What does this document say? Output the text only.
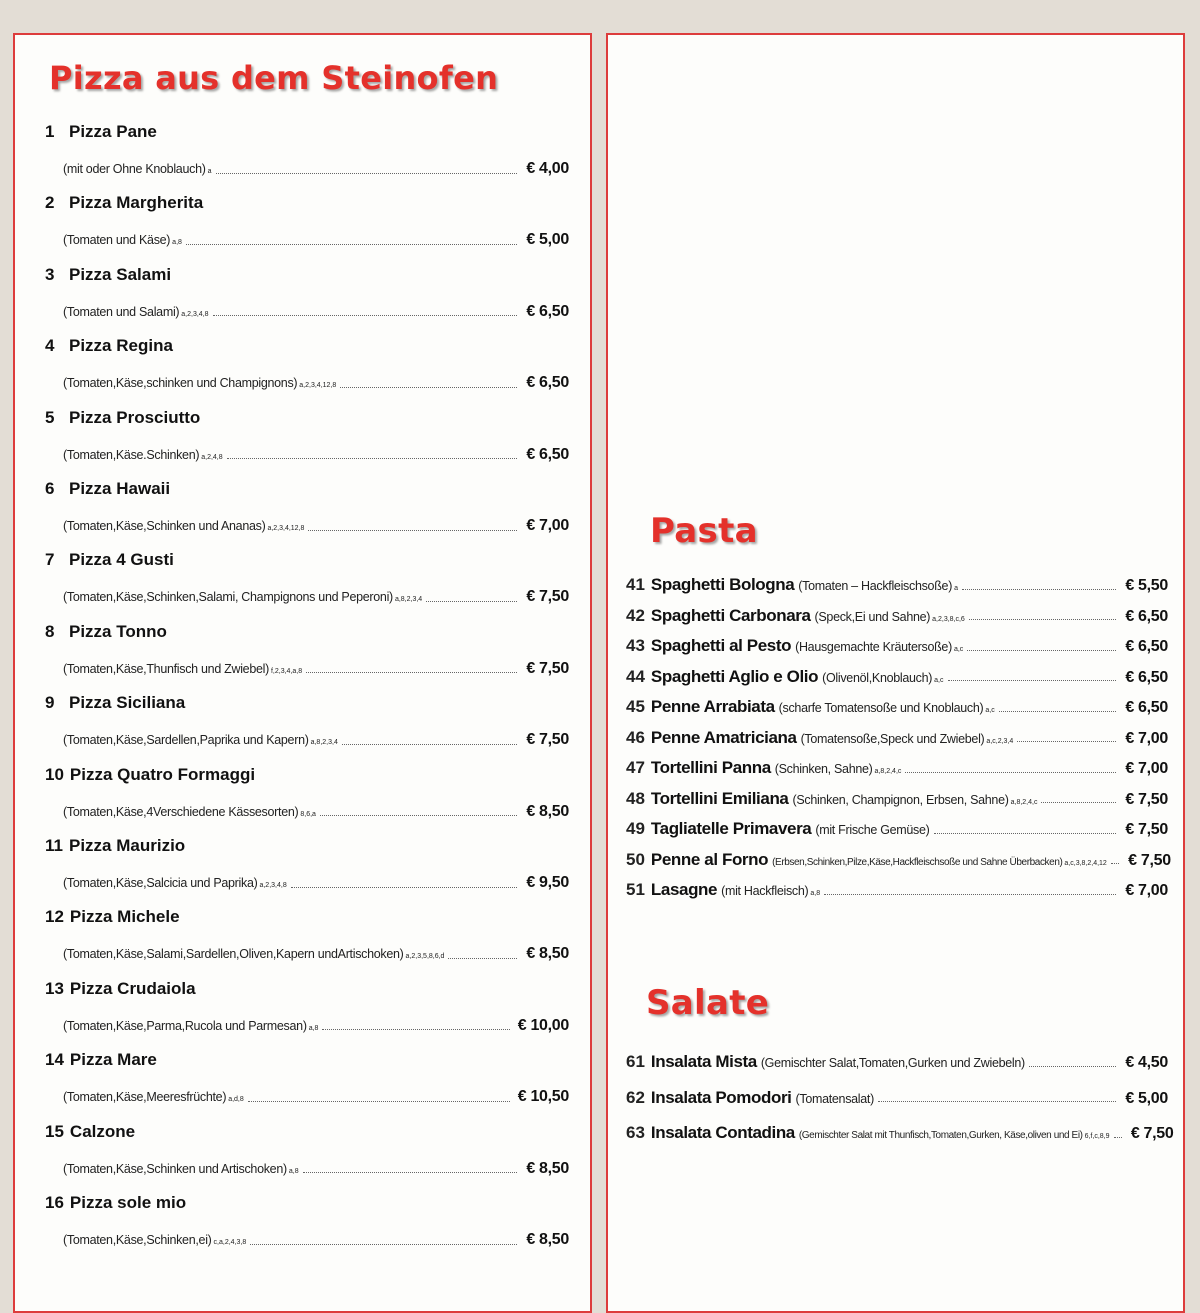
Pizza aus dem Steinofen
1 Pizza Pane
(mit oder Ohne Knoblauch) $_a$	€ 4,00
2 Pizza Margherita
(Tomaten und Käse) $_{a,8}$	€ 5,00
3 Pizza Salami
(Tomaten und Salami) $_{a,2,3,4,8}$	€ 6,50
4 Pizza Regina
(Tomaten,Käse,schinken und Champignons) $_{a,2,3,4,12,8}$	€ 6,50
5 Pizza Prosciutto
(Tomaten,Käse.Schinken) $_{a,2,4,8}$	€ 6,50
6 Pizza Hawaii
(Tomaten,Käse,Schinken und Ananas) $_{a,2,3,4,12,8}$	€ 7,00
7 Pizza 4 Gusti
(Tomaten,Käse,Schinken,Salami, Champignons und Peperoni) $_{a,8,2,3,4}$	€ 7,50
8 Pizza Tonno
(Tomaten,Käse,Thunfisch und Zwiebel) $_{f,2,3,4,a,8}$	€ 7,50
9 Pizza Siciliana
(Tomaten,Käse,Sardellen,Paprika und Kapern) $_{a,8,2,3,4}$	€ 7,50
10 Pizza Quatro Formaggi
(Tomaten,Käse,4Verschiedene Kässesorten) $_{8,6,a}$	€ 8,50
11 Pizza Maurizio
(Tomaten,Käse,Salcicia und Paprika) $_{a,2,3,4,8}$	€ 9,50
12 Pizza Michele
(Tomaten,Käse,Salami,Sardellen,Oliven,Kapern undArtischoken) $_{a,2,3,5,8,6,d}$	€ 8,50
13 Pizza Crudaiola
(Tomaten,Käse,Parma,Rucola und Parmesan) $_{a,8}$	€ 10,00
14 Pizza Mare
(Tomaten,Käse,Meeresfrüchte) $_{a,d,8}$	€ 10,50
15 Calzone
(Tomaten,Käse,Schinken und Artischoken) $_{a,8}$	€ 8,50
16 Pizza sole mio
(Tomaten,Käse,Schinken,ei) $_{c,a,2,4,3,8}$	€ 8,50
Pasta
41 Spaghetti Bologna (Tomaten – Hackfleischsoße) a	€ 5,50
42 Spaghetti Carbonara (Speck,Ei und Sahne) a,2,3,8,c,6	€ 6,50
43 Spaghetti al Pesto (Hausgemachte Kräutersoße) a,c	€ 6,50
44 Spaghetti Aglio e Olio (Olivenöl,Knoblauch) a,c	€ 6,50
45 Penne Arrabiata (scharfe Tomatensoße und Knoblauch) a,c	€ 6,50
46 Penne Amatriciana (Tomatensoße,Speck und Zwiebel) a,c,2,3,4	€ 7,00
47 Tortellini Panna (Schinken, Sahne) a,8,2,4,c	€ 7,00
48 Tortellini Emiliana (Schinken, Champignon, Erbsen, Sahne) a,8,2,4,c	€ 7,50
49 Tagliatelle Primavera (mit Frische Gemüse)	€ 7,50
50 Penne al Forno (Erbsen,Schinken,Pilze,Käse,Hackfleischsoße und Sahne Überbacken) a,c,3,8,2,4,12 € 7,50
51 Lasagne (mit Hackfleisch) a,8	€ 7,00
Salate
61 Insalata Mista (Gemischter Salat,Tomaten,Gurken und Zwiebeln)	€ 4,50
62 Insalata Pomodori (Tomatensalat)	€ 5,00
63 Insalata Contadina (Gemischter Salat mit Thunfisch,Tomaten,Gurken, Käse,oliven und Ei) 6,f,c,8,9 € 7,50
